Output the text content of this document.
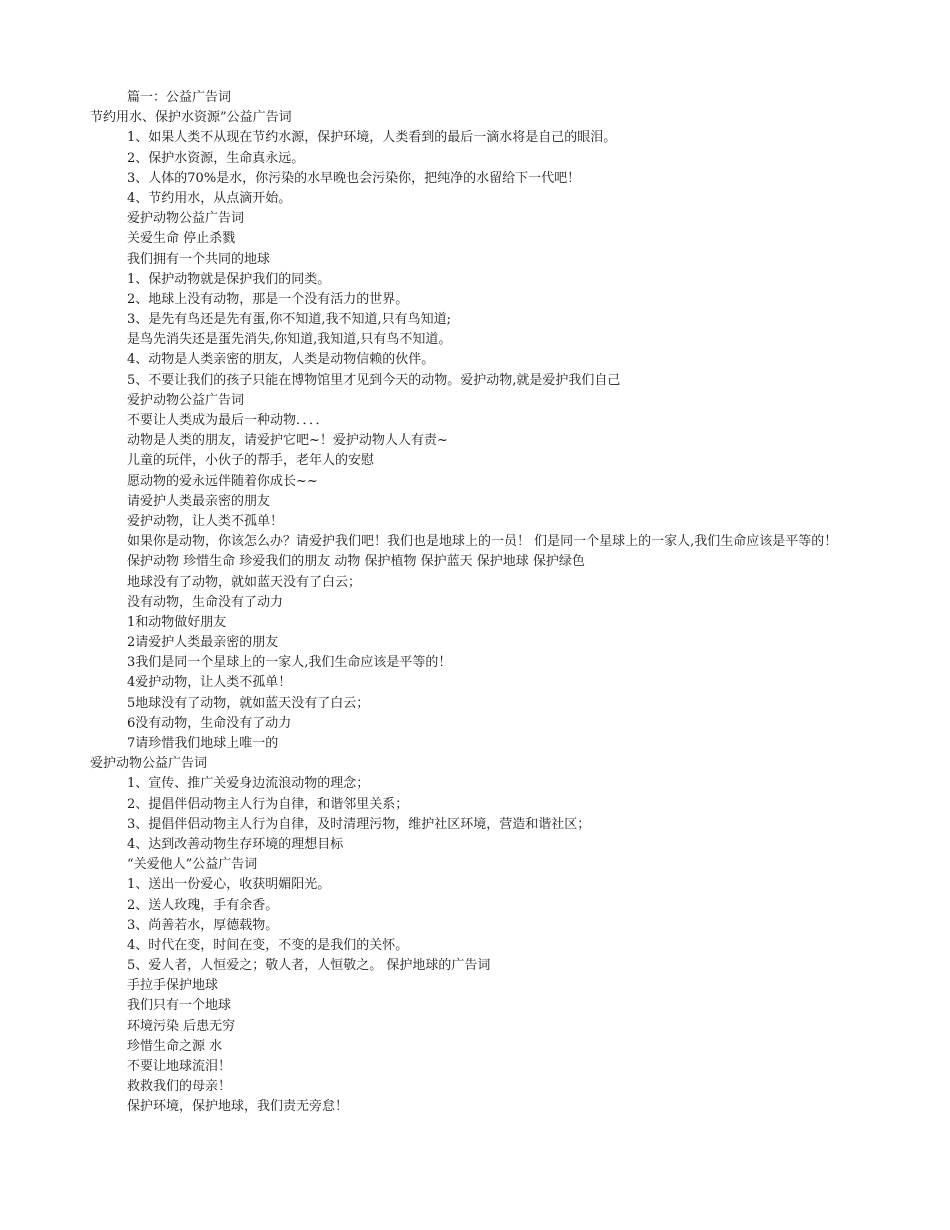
篇一：公益广告词
节约用水、保护水资源”公益广告词
1、如果人类不从现在节约水源，保护环境，人类看到的最后一滴水将是自己的眼泪。
2、保护水资源，生命真永远。
3、人体的70%是水，你污染的水早晚也会污染你，把纯净的水留给下一代吧！
4、节约用水，从点滴开始。
爱护动物公益广告词
关爱生命 停止杀戮
我们拥有一个共同的地球
1、保护动物就是保护我们的同类。
2、地球上没有动物，那是一个没有活力的世界。
3、是先有鸟还是先有蛋,你不知道,我不知道,只有鸟知道;
是鸟先消失还是蛋先消失,你知道,我知道,只有鸟不知道。
4、动物是人类亲密的朋友，人类是动物信赖的伙伴。
5、不要让我们的孩子只能在博物馆里才见到今天的动物。爱护动物,就是爱护我们自己
爱护动物公益广告词
不要让人类成为最后一种动物．．．．
动物是人类的朋友，请爱护它吧~！爱护动物人人有责~
儿童的玩伴，小伙子的帮手，老年人的安慰
愿动物的爱永远伴随着你成长~~
请爱护人类最亲密的朋友
爱护动物，让人类不孤单！
如果你是动物，你该怎么办？请爱护我们吧！我们也是地球上的一员！ 们是同一个星球上的一家人,我们生命应该是平等的！
保护动物 珍惜生命 珍爱我们的朋友 动物 保护植物 保护蓝天 保护地球 保护绿色
地球没有了动物，就如蓝天没有了白云；
没有动物，生命没有了动力
1和动物做好朋友
2请爱护人类最亲密的朋友
3我们是同一个星球上的一家人,我们生命应该是平等的！
4爱护动物，让人类不孤单！
5地球没有了动物，就如蓝天没有了白云；
6没有动物，生命没有了动力
7请珍惜我们地球上唯一的
爱护动物公益广告词
1、宣传、推广关爱身边流浪动物的理念；
2、提倡伴侣动物主人行为自律，和谐邻里关系；
3、提倡伴侣动物主人行为自律，及时清理污物，维护社区环境，营造和谐社区；
4、达到改善动物生存环境的理想目标
“关爱他人”公益广告词
1、送出一份爱心，收获明媚阳光。
2、送人玫瑰，手有余香。
3、尚善若水，厚德载物。
4、时代在变，时间在变，不变的是我们的关怀。
5、爱人者，人恒爱之；敬人者，人恒敬之。 保护地球的广告词
手拉手保护地球
我们只有一个地球
环境污染 后患无穷
珍惜生命之源 水
不要让地球流泪！
救救我们的母亲！
保护环境，保护地球，我们责无旁怠！
